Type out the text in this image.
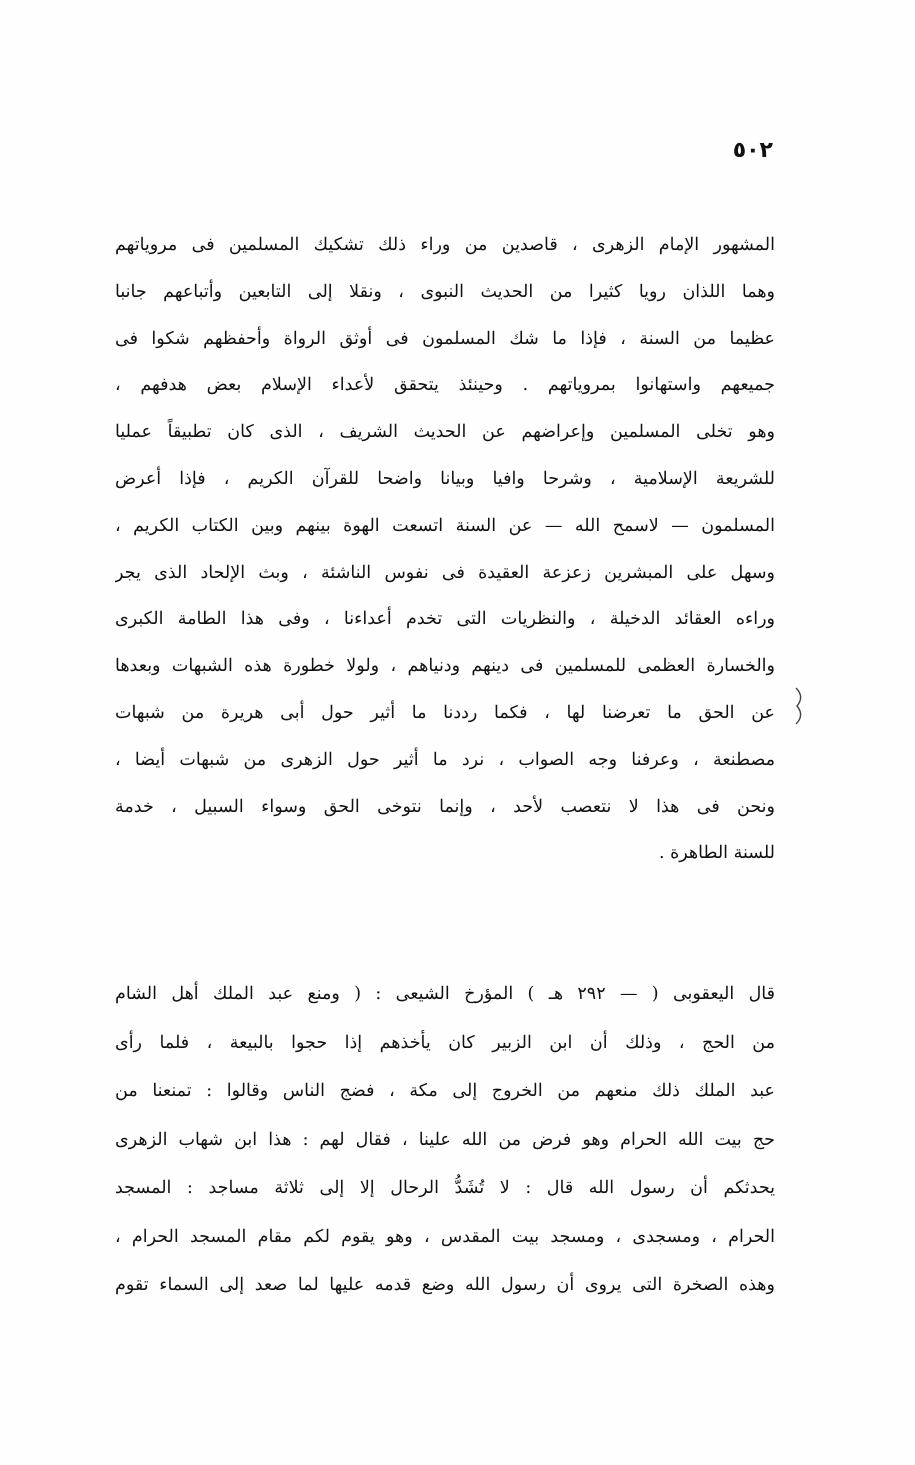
٥٠٢
المشهور الإمام الزهرى ، قاصدين من وراء ذلك تشكيك المسلمين فى مروياتهم
وهما اللذان رويا كثيرا من الحديث النبوى ، ونقلا إلى التابعين وأتباعهم جانبا
عظيما من السنة ، فإذا ما شك المسلمون فى أوثق الرواة وأحفظهم شكوا فى
جميعهم واستهانوا بمروياتهم . وحينئذ يتحقق لأعداء الإسلام بعض هدفهم ،
وهو تخلى المسلمين وإعراضهم عن الحديث الشريف ، الذى كان تطبيقاً عمليا
للشريعة الإسلامية ، وشرحا وافيا وبيانا واضحا للقرآن الكريم ، فإذا أعرض
المسلمون — لاسمح الله — عن السنة اتسعت الهوة بينهم وبين الكتاب الكريم ،
وسهل على المبشرين زعزعة العقيدة فى نفوس الناشئة ، وبث الإلحاد الذى يجر
وراءه العقائد الدخيلة ، والنظريات التى تخدم أعداءنا ، وفى هذا الطامة الكبرى
والخسارة العظمى للمسلمين فى دينهم ودنياهم ، ولولا خطورة هذه الشبهات وبعدها
عن الحق ما تعرضنا لها ، فكما رددنا ما أثير حول أبى هريرة من شبهات
مصطنعة ، وعرفنا وجه الصواب ، نرد ما أثير حول الزهرى من شبهات أيضا ،
ونحن فى هذا لا نتعصب لأحد ، وإنما نتوخى الحق وسواء السبيل ، خدمة
للسنة الطاهرة .
قال اليعقوبى ( — ٢٩٢ هـ ) المؤرخ الشيعى : ( ومنع عبد الملك أهل الشام
من الحج ، وذلك أن ابن الزبير كان يأخذهم إذا حجوا بالبيعة ، فلما رأى
عبد الملك ذلك منعهم من الخروج إلى مكة ، فضج الناس وقالوا : تمنعنا من
حج بيت الله الحرام وهو فرض من الله علينا ، فقال لهم : هذا ابن شهاب الزهرى
يحدثكم أن رسول الله قال : لا تُشَدُّ الرحال إلا إلى ثلاثة مساجد : المسجد
الحرام ، ومسجدى ، ومسجد بيت المقدس ، وهو يقوم لكم مقام المسجد الحرام ،
وهذه الصخرة التى يروى أن رسول الله وضع قدمه عليها لما صعد إلى السماء تقوم
